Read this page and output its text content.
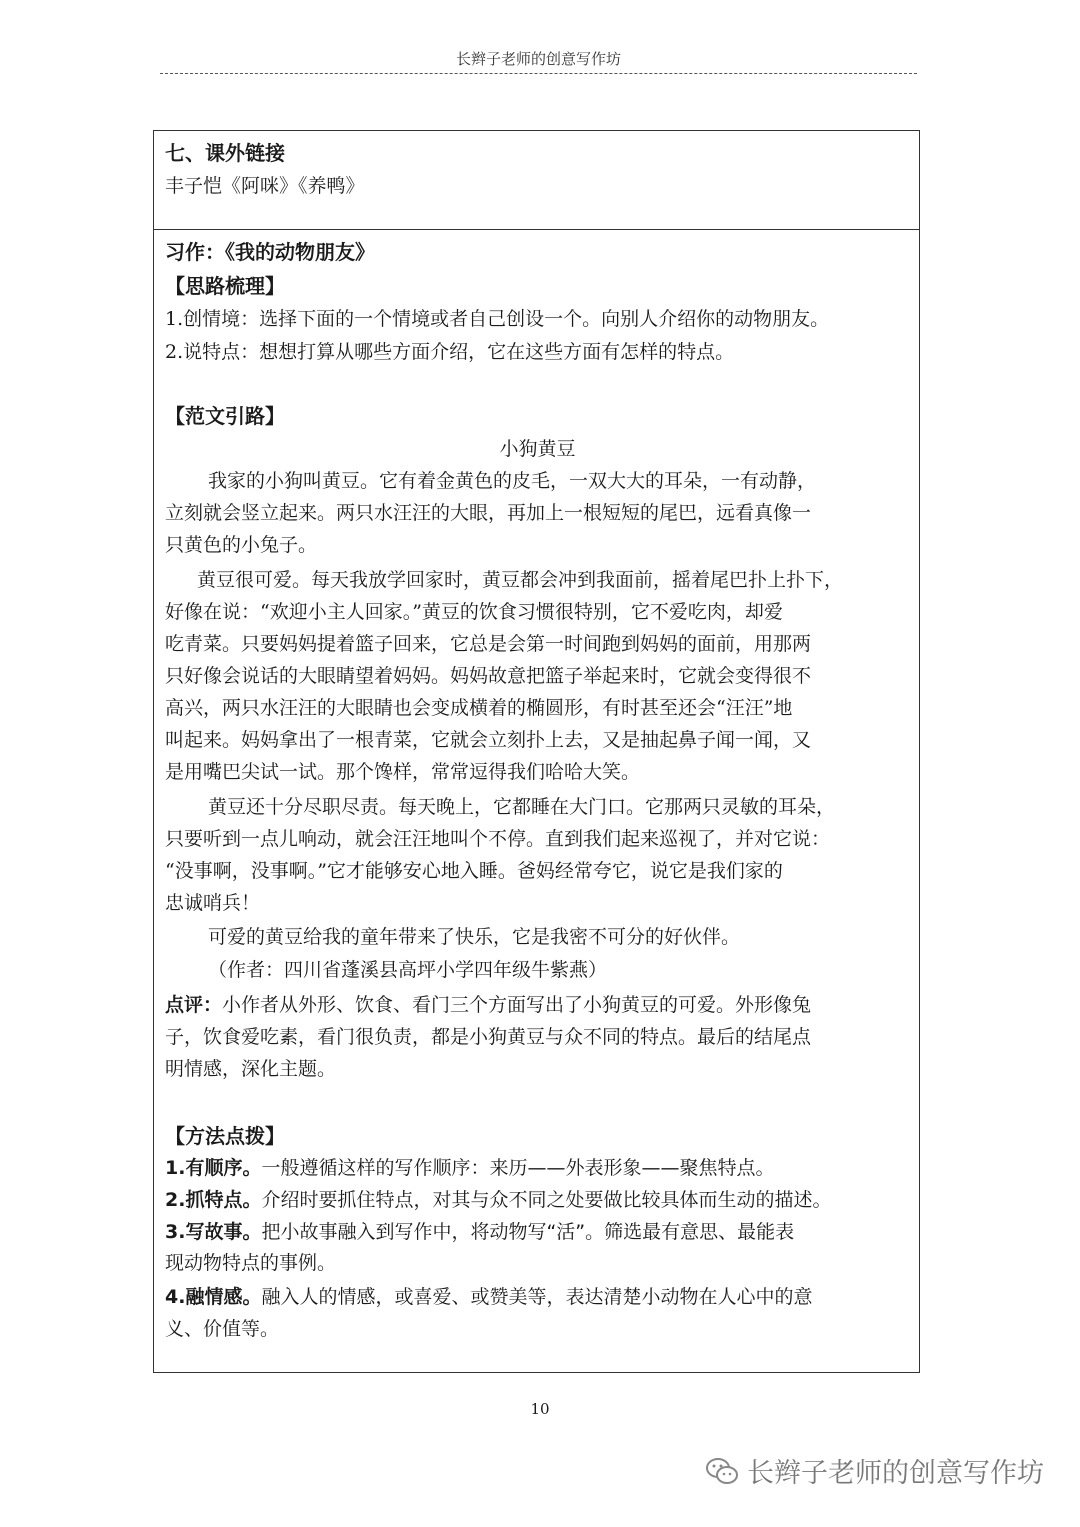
长辫子老师的创意写作坊
七、课外链接
丰子恺《阿咪》《养鸭》
习作：《我的动物朋友》
【思路梳理】
1.创情境：选择下面的一个情境或者自己创设一个。向别人介绍你的动物朋友。
2.说特点：想想打算从哪些方面介绍，它在这些方面有怎样的特点。
【范文引路】
小狗黄豆
我家的小狗叫黄豆。它有着金黄色的皮毛，一双大大的耳朵，一有动静，
立刻就会竖立起来。两只水汪汪的大眼，再加上一根短短的尾巴，远看真像一
只黄色的小兔子。
黄豆很可爱。每天我放学回家时，黄豆都会冲到我面前，摇着尾巴扑上扑下，
好像在说：“欢迎小主人回家。”黄豆的饮食习惯很特别，它不爱吃肉，却爱
吃青菜。只要妈妈提着篮子回来，它总是会第一时间跑到妈妈的面前，用那两
只好像会说话的大眼睛望着妈妈。妈妈故意把篮子举起来时，它就会变得很不
高兴，两只水汪汪的大眼睛也会变成横着的椭圆形，有时甚至还会“汪汪”地
叫起来。妈妈拿出了一根青菜，它就会立刻扑上去，又是抽起鼻子闻一闻，又
是用嘴巴尖试一试。那个馋样，常常逗得我们哈哈大笑。
黄豆还十分尽职尽责。每天晚上，它都睡在大门口。它那两只灵敏的耳朵，
只要听到一点儿响动，就会汪汪地叫个不停。直到我们起来巡视了，并对它说：
“没事啊，没事啊。”它才能够安心地入睡。爸妈经常夸它，说它是我们家的
忠诚哨兵！
可爱的黄豆给我的童年带来了快乐，它是我密不可分的好伙伴。
（作者：四川省蓬溪县高坪小学四年级牛紫燕）
点评：小作者从外形、饮食、看门三个方面写出了小狗黄豆的可爱。外形像兔
子，饮食爱吃素，看门很负责，都是小狗黄豆与众不同的特点。最后的结尾点
明情感，深化主题。
【方法点拨】
1.有顺序。一般遵循这样的写作顺序：来历——外表形象——聚焦特点。
2.抓特点。介绍时要抓住特点，对其与众不同之处要做比较具体而生动的描述。
3.写故事。把小故事融入到写作中，将动物写“活”。筛选最有意思、最能表
现动物特点的事例。
4.融情感。融入人的情感，或喜爱、或赞美等，表达清楚小动物在人心中的意
义、价值等。
10
长辫子老师的创意写作坊
